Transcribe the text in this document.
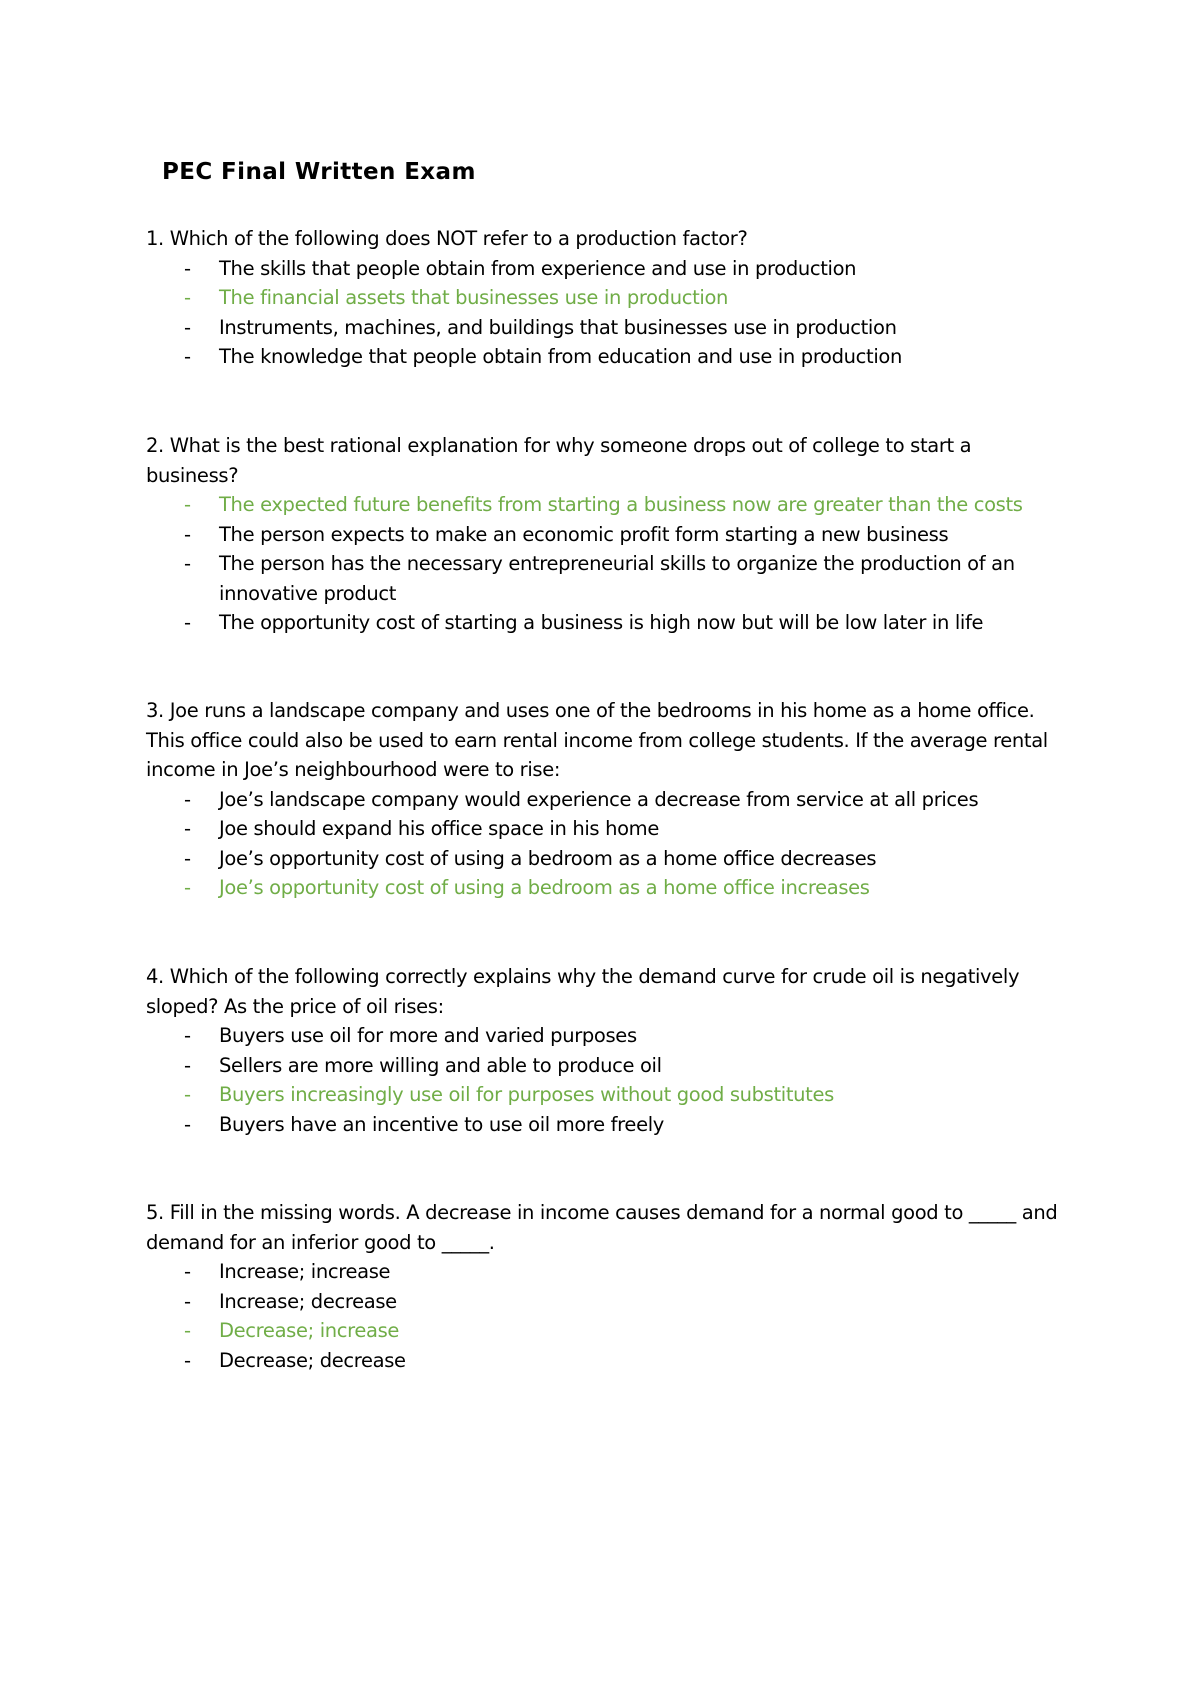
PEC Final Written Exam

1. Which of the following does NOT refer to a production factor?

- The skills that people obtain from experience and use in production
- The financial assets that businesses use in production
- Instruments, machines, and buildings that businesses use in production
- The knowledge that people obtain from education and use in production

2. What is the best rational explanation for why someone drops out of college to start a business?

- The expected future benefits from starting a business now are greater than the costs
- The person expects to make an economic profit form starting a new business
- The person has the necessary entrepreneurial skills to organize the production of an innovative product
- The opportunity cost of starting a business is high now but will be low later in life

3. Joe runs a landscape company and uses one of the bedrooms in his home as a home office. This office could also be used to earn rental income from college students. If the average rental income in Joe’s neighbourhood were to rise:

- Joe’s landscape company would experience a decrease from service at all prices
- Joe should expand his office space in his home
- Joe’s opportunity cost of using a bedroom as a home office decreases
- Joe’s opportunity cost of using a bedroom as a home office increases

4. Which of the following correctly explains why the demand curve for crude oil is negatively sloped? As the price of oil rises:

- Buyers use oil for more and varied purposes
- Sellers are more willing and able to produce oil
- Buyers increasingly use oil for purposes without good substitutes
- Buyers have an incentive to use oil more freely

5. Fill in the missing words. A decrease in income causes demand for a normal good to _____ and demand for an inferior good to _____.

- Increase; increase
- Increase; decrease
- Decrease; increase
- Decrease; decrease
